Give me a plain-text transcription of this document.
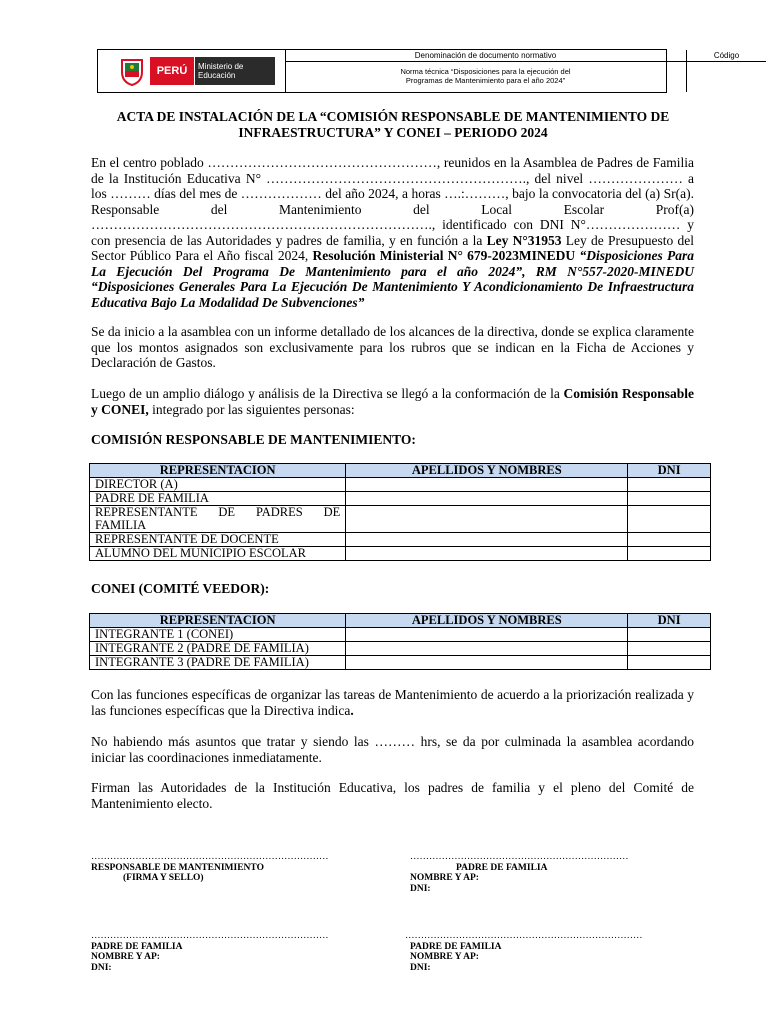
PERÚ	Ministerio de Educación
Denominación de documento normativo
Norma técnica “Disposiciones para la ejecución del
Programas de Mantenimiento para el año 2024”
Código
ACTA DE INSTALACIÓN DE LA “COMISIÓN RESPONSABLE DE MANTENIMIENTO DE
INFRAESTRUCTURA” Y CONEI – PERIODO 2024
En el centro poblado ……………………………………………, reunidos en la Asamblea de Padres de Familia de la Institución Educativa N° …………………………………………………., del nivel ………………… a los ……… días del mes de ……………… del año 2024, a horas ….:………, bajo la convocatoria del (a) Sr(a). Responsable del Mantenimiento del Local Escolar Prof(a) …………………………………………………………………., identificado con DNI N°………………… y con presencia de las Autoridades y padres de familia, y en función a la Ley N°31953 Ley de Presupuesto del Sector Público Para el Año fiscal 2024, Resolución Ministerial N° 679-2023MINEDU “Disposiciones Para La Ejecución Del Programa De Mantenimiento para el año 2024”, RM N°557-2020-MINEDU “Disposiciones Generales Para La Ejecución De Mantenimiento Y Acondicionamiento De Infraestructura Educativa Bajo La Modalidad De Subvenciones”
Se da inicio a la asamblea con un informe detallado de los alcances de la directiva, donde se explica claramente que los montos asignados son exclusivamente para los rubros que se indican en la Ficha de Acciones y Declaración de Gastos.
Luego de un amplio diálogo y análisis de la Directiva se llegó a la conformación de la Comisión Responsable y CONEI, integrado por las siguientes personas:
COMISIÓN RESPONSABLE DE MANTENIMIENTO:
REPRESENTACION	APELLIDOS Y NOMBRES	DNI
DIRECTOR (A)		
PADRE DE FAMILIA		

REPRESENTANTE DE PADRES DE
FAMILIA		

REPRESENTANTE DE DOCENTE		
ALUMNO DEL MUNICIPIO ESCOLAR		
CONEI (COMITÉ VEEDOR):
REPRESENTACION	APELLIDOS Y NOMBRES	DNI
INTEGRANTE 1 (CONEI)		
INTEGRANTE 2 (PADRE DE FAMILIA)		
INTEGRANTE 3 (PADRE DE FAMILIA)		
Con las funciones específicas de organizar las tareas de Mantenimiento de acuerdo a la priorización realizada y las funciones específicas que la Directiva indica.
No habiendo más asuntos que tratar y siendo las ……… hrs, se da por culminada la asamblea acordando iniciar las coordinaciones inmediatamente.
Firman las Autoridades de la Institución Educativa, los padres de familia y el pleno del Comité de Mantenimiento electo.
…………………………………………………………………
RESPONSABLE DE MANTENIMIENTO
(FIRMA Y SELLO)
……………………………………………………………
PADRE DE FAMILIA
NOMBRE Y AP:
DNI:
…………………………………………………………………
PADRE DE FAMILIA
NOMBRE Y AP:
DNI:
…………………………………………………………………
PADRE DE FAMILIA
NOMBRE Y AP:
DNI:
